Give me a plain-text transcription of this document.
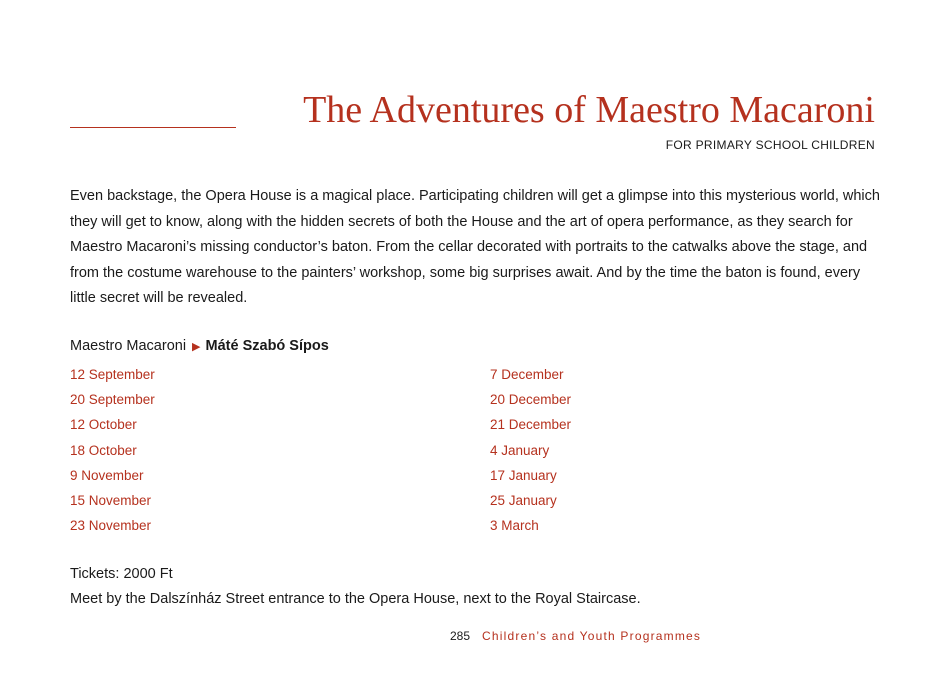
The Adventures of Maestro Macaroni
FOR PRIMARY SCHOOL CHILDREN

Even backstage, the Opera House is a magical place. Participating children will get a glimpse into this mysterious world, which they will get to know, along with the hidden secrets of both the House and the art of opera performance, as they search for Maestro Macaroni’s missing conductor’s baton. From the cellar decorated with portraits to the catwalks above the stage, and from the costume warehouse to the painters’ workshop, some big surprises await. And by the time the baton is found, every little secret will be revealed.

Maestro Macaroni ▶ Máté Szabó Sípos
12 September
20 September
12 October
18 October
9 November
15 November
23 November
7 December
20 December
21 December
4 January
17 January
25 January
3 March
Tickets: 2000 Ft
Meet by the Dalszínház Street entrance to the Opera House, next to the Royal Staircase.
285 Children’s and Youth Programmes
